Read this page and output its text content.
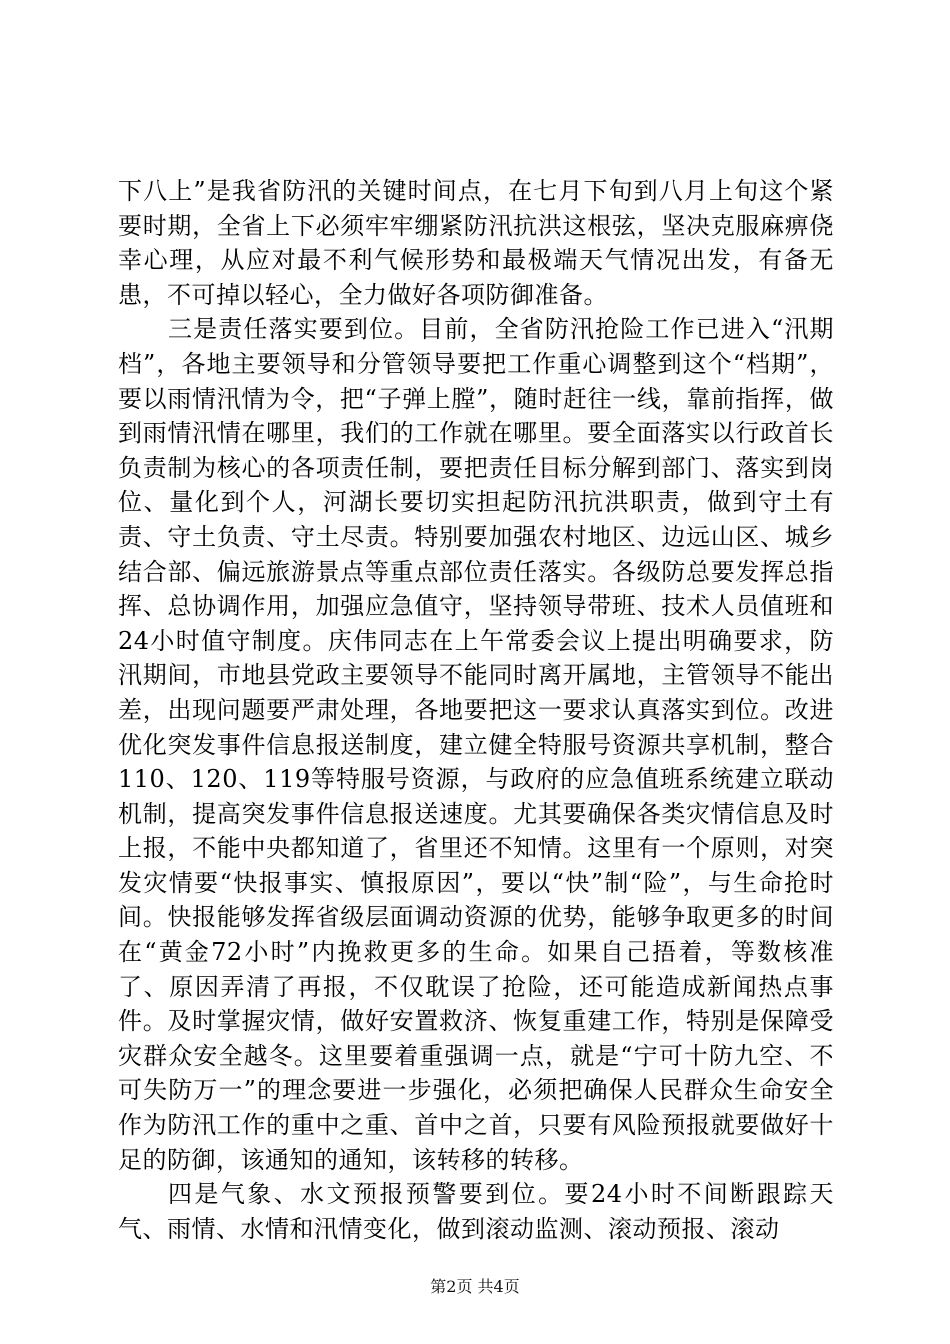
下八上”是我省防汛的关键时间点，在七月下旬到八月上旬这个紧要时期，全省上下必须牢牢绷紧防汛抗洪这根弦，坚决克服麻痹侥幸心理，从应对最不利气候形势和最极端天气情况出发，有备无患，不可掉以轻心，全力做好各项防御准备。

三是责任落实要到位。目前，全省防汛抢险工作已进入“汛期档”，各地主要领导和分管领导要把工作重心调整到这个“档期”，要以雨情汛情为令，把“子弹上膛”，随时赶往一线，靠前指挥，做到雨情汛情在哪里，我们的工作就在哪里。要全面落实以行政首长负责制为核心的各项责任制，要把责任目标分解到部门、落实到岗位、量化到个人，河湖长要切实担起防汛抗洪职责，做到守土有责、守土负责、守土尽责。特别要加强农村地区、边远山区、城乡结合部、偏远旅游景点等重点部位责任落实。各级防总要发挥总指挥、总协调作用，加强应急值守，坚持领导带班、技术人员值班和24小时值守制度。庆伟同志在上午常委会议上提出明确要求，防汛期间，市地县党政主要领导不能同时离开属地，主管领导不能出差，出现问题要严肃处理，各地要把这一要求认真落实到位。改进优化突发事件信息报送制度，建立健全特服号资源共享机制，整合110、120、119等特服号资源，与政府的应急值班系统建立联动机制，提高突发事件信息报送速度。尤其要确保各类灾情信息及时上报，不能中央都知道了，省里还不知情。这里有一个原则，对突发灾情要“快报事实、慎报原因”，要以“快”制“险”，与生命抢时间。快报能够发挥省级层面调动资源的优势，能够争取更多的时间在“黄金72小时”内挽救更多的生命。如果自己捂着，等数核准了、原因弄清了再报，不仅耽误了抢险，还可能造成新闻热点事件。及时掌握灾情，做好安置救济、恢复重建工作，特别是保障受灾群众安全越冬。这里要着重强调一点，就是“宁可十防九空、不可失防万一”的理念要进一步强化，必须把确保人民群众生命安全作为防汛工作的重中之重、首中之首，只要有风险预报就要做好十足的防御，该通知的通知，该转移的转移。

四是气象、水文预报预警要到位。要24小时不间断跟踪天气、雨情、水情和汛情变化，做到滚动监测、滚动预报、滚动

第2页 共4页
